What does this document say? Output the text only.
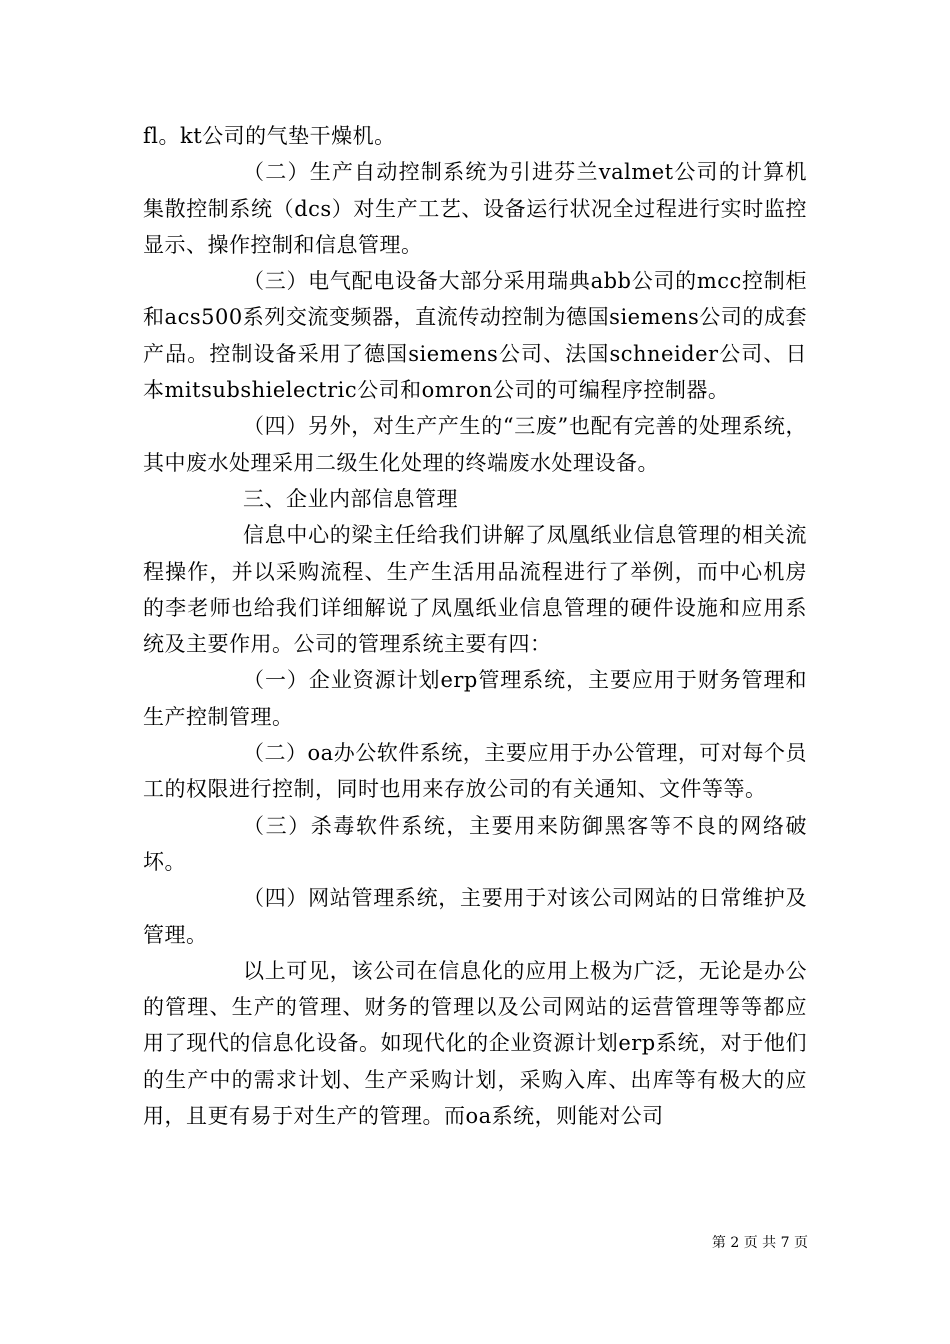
fl。kt公司的气垫干燥机。

（二）生产自动控制系统为引进芬兰valmet公司的计算机集散控制系统（dcs）对生产工艺、设备运行状况全过程进行实时监控显示、操作控制和信息管理。

（三）电气配电设备大部分采用瑞典abb公司的mcc控制柜和acs500系列交流变频器，直流传动控制为德国siemens公司的成套产品。控制设备采用了德国siemens公司、法国schneider公司、日本mitsubshielectric公司和omron公司的可编程序控制器。

（四）另外，对生产产生的“三废”也配有完善的处理系统，其中废水处理采用二级生化处理的终端废水处理设备。

三、企业内部信息管理

信息中心的梁主任给我们讲解了凤凰纸业信息管理的相关流程操作，并以采购流程、生产生活用品流程进行了举例，而中心机房的李老师也给我们详细解说了凤凰纸业信息管理的硬件设施和应用系统及主要作用。公司的管理系统主要有四：

（一）企业资源计划erp管理系统，主要应用于财务管理和生产控制管理。

（二）oa办公软件系统，主要应用于办公管理，可对每个员工的权限进行控制，同时也用来存放公司的有关通知、文件等等。

（三）杀毒软件系统，主要用来防御黑客等不良的网络破坏。

（四）网站管理系统，主要用于对该公司网站的日常维护及管理。

以上可见，该公司在信息化的应用上极为广泛，无论是办公的管理、生产的管理、财务的管理以及公司网站的运营管理等等都应用了现代的信息化设备。如现代化的企业资源计划erp系统，对于他们的生产中的需求计划、生产采购计划，采购入库、出库等有极大的应用，且更有易于对生产的管理。而oa系统，则能对公司

第 2 页 共 7 页
